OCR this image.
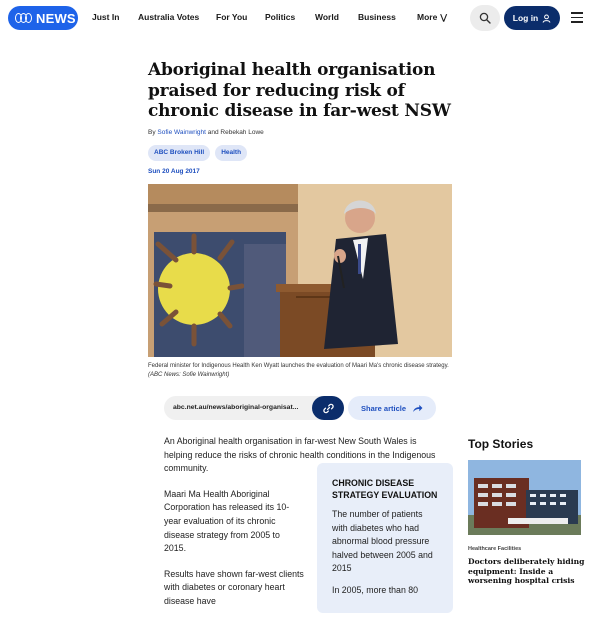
NEWS Just In Australia Votes For You Politics World Business More ⋁	Log in
Aboriginal health organisation praised for reducing risk of chronic disease in far-west NSW
By Sofie Wainwright and Rebekah Lowe
ABC Broken Hill	Health
Sun 20 Aug 2017
Federal minister for Indigenous Health Ken Wyatt launches the evaluation of Maari Ma's chronic disease strategy. (ABC News: Sofie Wainwright)
abc.net.au/news/aboriginal-organisat...	Share article

An Aboriginal health organisation in far-west New South Wales is helping reduce the risks of chronic health conditions in the Indigenous community.

Maari Ma Health Aboriginal Corporation has released its 10-year evaluation of its chronic disease strategy from 2005 to 2015.

Results have shown far-west clients with diabetes or coronary heart disease have

CHRONIC DISEASE STRATEGY EVALUATION
The number of patients with diabetes who had abnormal blood pressure halved between 2005 and 2015
In 2005, more than 80
Top Stories
Healthcare Facilities
Doctors deliberately hiding equipment: Inside a worsening hospital crisis
